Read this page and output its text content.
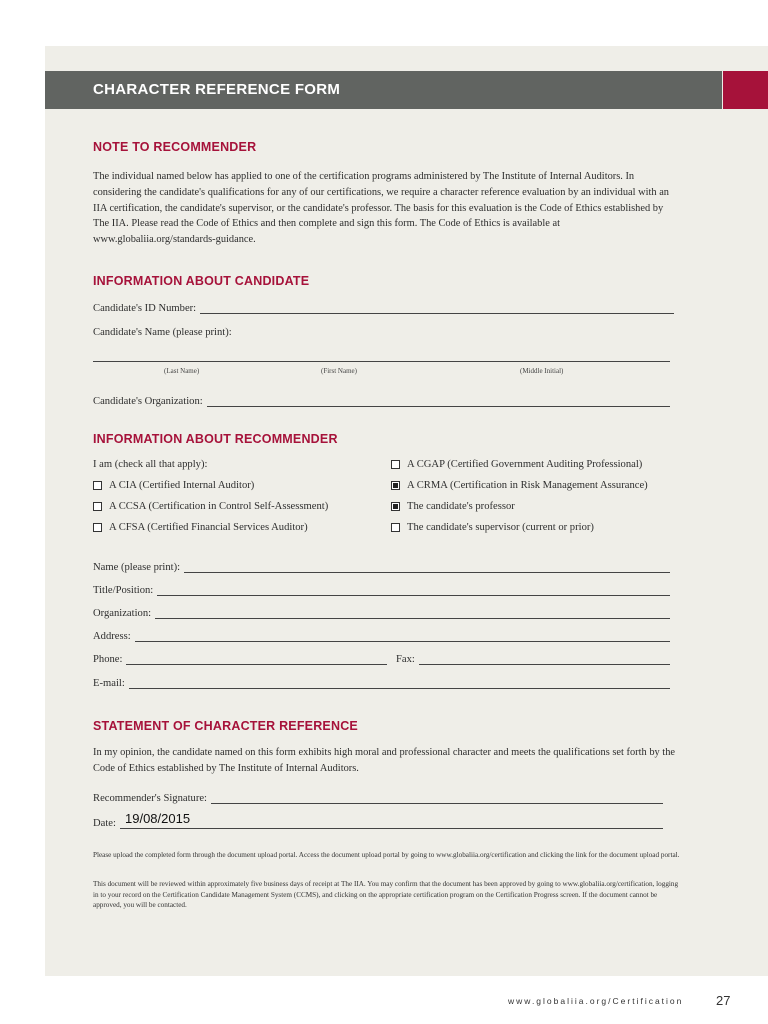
CHARACTER REFERENCE FORM
NOTE TO RECOMMENDER
The individual named below has applied to one of the certification programs administered by The Institute of Internal Auditors. In considering the candidate's qualifications for any of our certifications, we require a character reference evaluation by an individual with an IIA certification, the candidate's supervisor, or the candidate's professor. The basis for this evaluation is the Code of Ethics established by The IIA. Please read the Code of Ethics and then complete and sign this form. The Code of Ethics is available at www.globaliia.org/standards-guidance.
INFORMATION ABOUT CANDIDATE
Candidate's ID Number:
Candidate's Name (please print):
(Last Name)	(First Name)	(Middle Initial)
Candidate's Organization:
INFORMATION ABOUT RECOMMENDER
I am (check all that apply):
A CIA (Certified Internal Auditor)
A CCSA (Certification in Control Self-Assessment)
A CFSA (Certified Financial Services Auditor)
A CGAP (Certified Government Auditing Professional)
A CRMA (Certification in Risk Management Assurance)
The candidate's professor
The candidate's supervisor (current or prior)
Name (please print):
Title/Position:
Organization:
Address:
Phone:	Fax:
E-mail:
STATEMENT OF CHARACTER REFERENCE
In my opinion, the candidate named on this form exhibits high moral and professional character and meets the qualifications set forth by the Code of Ethics established by The Institute of Internal Auditors.
Recommender's Signature:
Date: 19/08/2015
Please upload the completed form through the document upload portal. Access the document upload portal by going to www.globaliia.org/certification and clicking the link for the document upload portal.
This document will be reviewed within approximately five business days of receipt at The IIA. You may confirm that the document has been approved by going to www.globaliia.org/certification, logging in to your record on the Certification Candidate Management System (CCMS), and clicking on the appropriate certification program on the Certification Progress screen. If the document cannot be approved, you will be contacted.
www.globaliia.org/Certification	27
